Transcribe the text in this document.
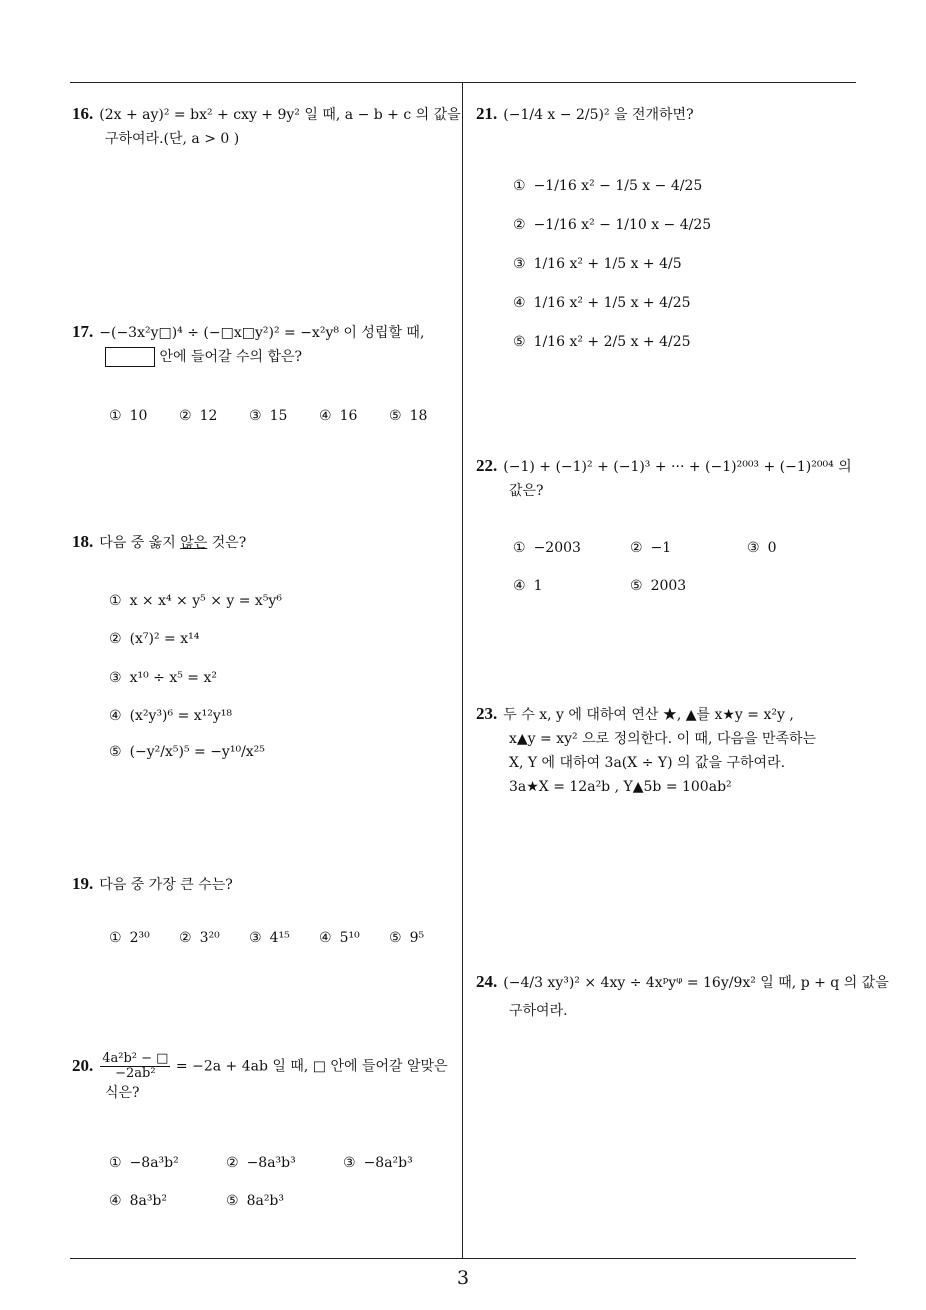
16. (2x + ay)² = bx² + cxy + 9y² 일 때, a − b + c 의 값을
구하여라.(단, a > 0 )
17. −(−3x²y□)⁴ ÷ (−□x□y²)² = −x²y⁸ 이 성립할 때,
안에 들어갈 수의 합은?
① 10 ② 12 ③ 15 ④ 16 ⑤ 18
18. 다음 중 옳지 않은 것은?
① x × x⁴ × y⁵ × y = x⁵y⁶
② (x⁷)² = x¹⁴
③ x¹⁰ ÷ x⁵ = x²
④ (x²y³)⁶ = x¹²y¹⁸
⑤ (−y²/x⁵)⁵ = −y¹⁰/x²⁵
19. 다음 중 가장 큰 수는?
① 2³⁰ ② 3²⁰ ③ 4¹⁵ ④ 5¹⁰ ⑤ 9⁵
20. $\frac{\text{4a²b² − □}}{\text{−2ab²}} = -2a + 4ab$ 일 때, □ 안에 들어갈 알맞은
식은?
① −8a³b²	② −8a³b³	③ −8a²b³
④ 8a³b²	⑤ 8a²b³
21. (−1/4 x − 2/5)² 을 전개하면?
① −1/16 x² − 1/5 x − 4/25
② −1/16 x² − 1/10 x − 4/25
③ 1/16 x² + 1/5 x + 4/5
④ 1/16 x² + 1/5 x + 4/25
⑤ 1/16 x² + 2/5 x + 4/25
22. (−1) + (−1)² + (−1)³ + ··· + (−1)²⁰⁰³ + (−1)²⁰⁰⁴ 의
값은?
① −2003	② −1	③ 0
④ 1	⑤ 2003
23. 두 수 x, y 에 대하여 연산 ★, ▲를 x★y = x²y ,
x▲y = xy² 으로 정의한다. 이 때, 다음을 만족하는
X, Y 에 대하여 3a(X ÷ Y) 의 값을 구하여라.
3a★X = 12a²b , Y▲5b = 100ab²
24. (−4/3 xy³)² × 4xy ÷ 4xᵖyᵠ = 16y/9x² 일 때, p + q 의 값을
구하여라.
3
